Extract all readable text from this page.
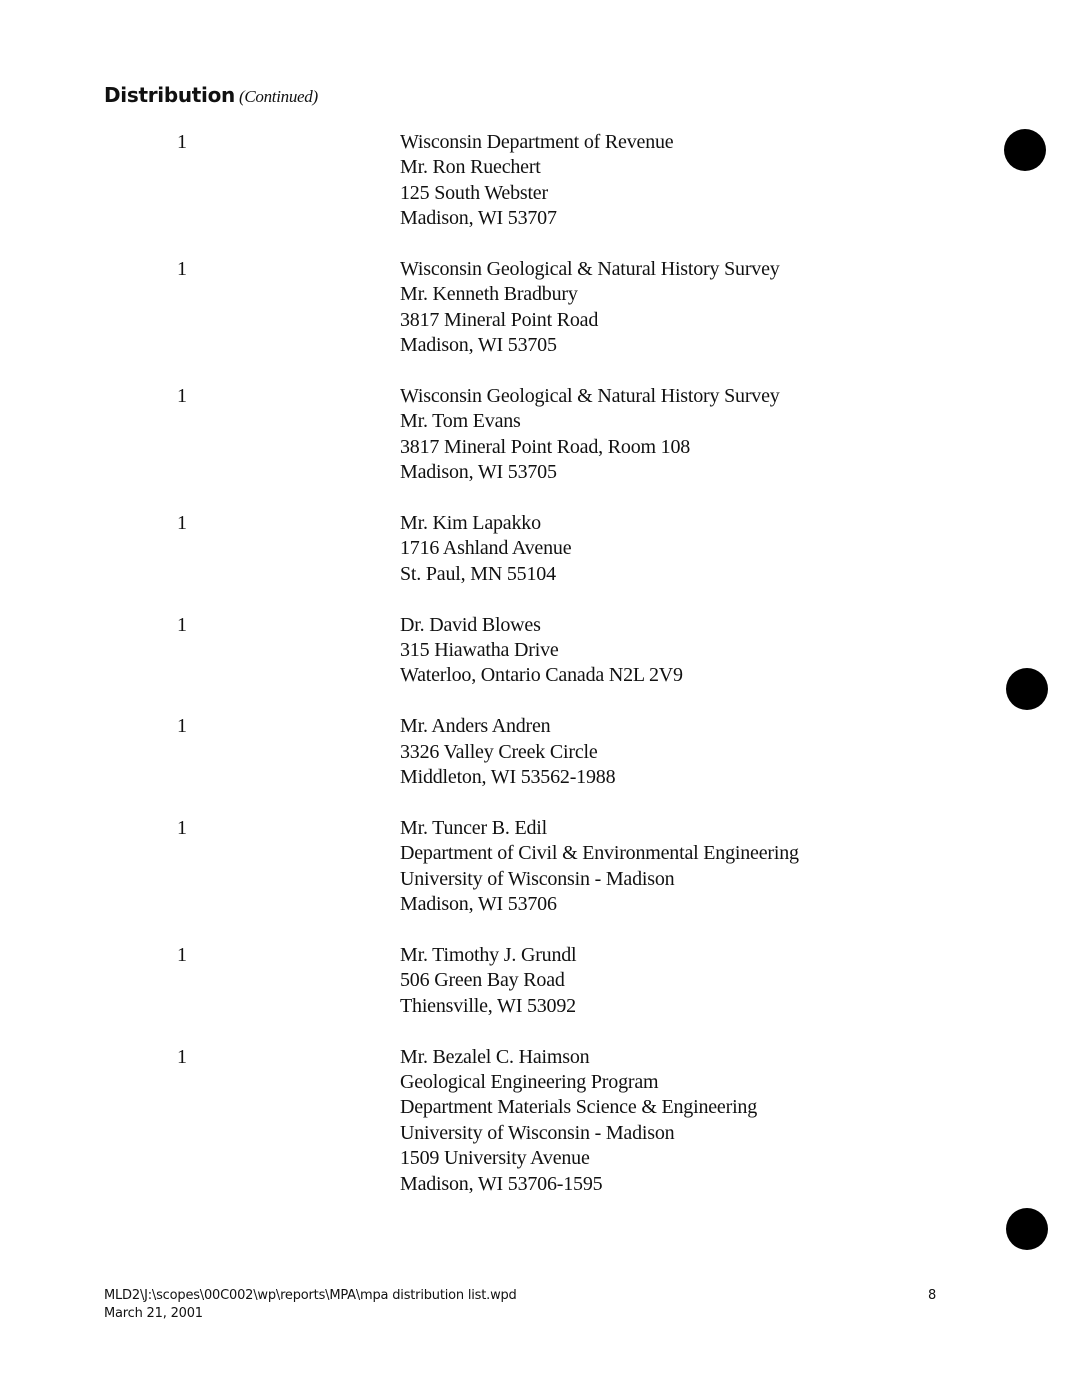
Distribution (Continued)
1	Wisconsin Department of Revenue
Mr. Ron Ruechert
125 South Webster
Madison, WI 53707
1	Wisconsin Geological & Natural History Survey
Mr. Kenneth Bradbury
3817 Mineral Point Road
Madison, WI 53705
1	Wisconsin Geological & Natural History Survey
Mr. Tom Evans
3817 Mineral Point Road, Room 108
Madison, WI 53705
1	Mr. Kim Lapakko
1716 Ashland Avenue
St. Paul, MN 55104
1	Dr. David Blowes
315 Hiawatha Drive
Waterloo, Ontario Canada N2L 2V9
1	Mr. Anders Andren
3326 Valley Creek Circle
Middleton, WI 53562-1988
1	Mr. Tuncer B. Edil
Department of Civil & Environmental Engineering
University of Wisconsin - Madison
Madison, WI 53706
1	Mr. Timothy J. Grundl
506 Green Bay Road
Thiensville, WI 53092
1	Mr. Bezalel C. Haimson
Geological Engineering Program
Department Materials Science & Engineering
University of Wisconsin - Madison
1509 University Avenue
Madison, WI 53706-1595
MLD2\J:\scopes\00C002\wp\reports\MPA\mpa distribution list.wpd
March 21, 2001
8
